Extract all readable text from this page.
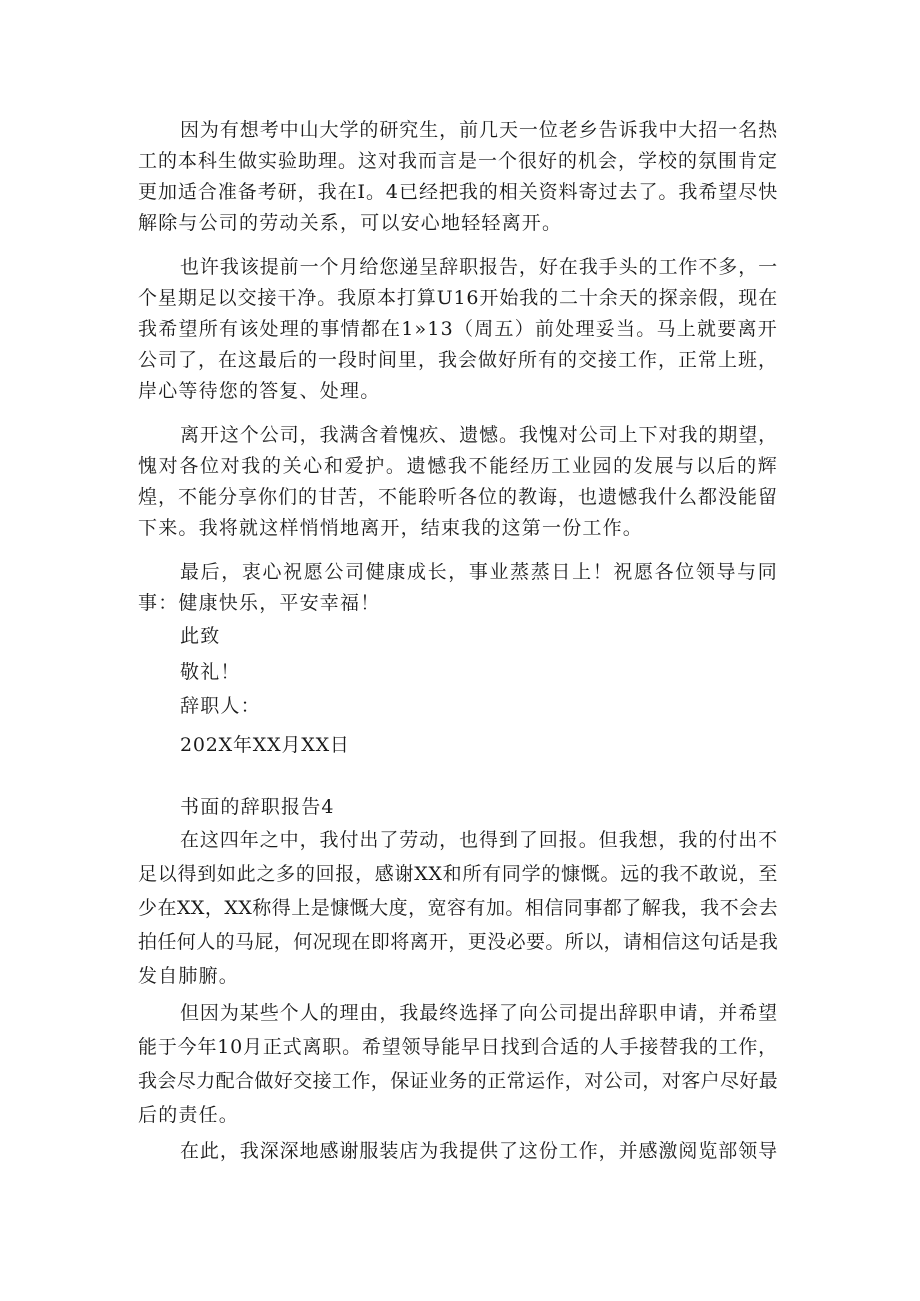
因为有想考中山大学的研究生，前几天一位老乡告诉我中大招一名热
工的本科生做实验助理。这对我而言是一个很好的机会，学校的氛围肯定
更加适合准备考研，我在I。4已经把我的相关资料寄过去了。我希望尽快
解除与公司的劳动关系，可以安心地轻轻离开。
也许我该提前一个月给您递呈辞职报告，好在我手头的工作不多，一
个星期足以交接干净。我原本打算U16开始我的二十余天的探亲假，现在
我希望所有该处理的事情都在1»13（周五）前处理妥当。马上就要离开
公司了，在这最后的一段时间里，我会做好所有的交接工作，正常上班，
岸心等待您的答复、处理。
离开这个公司，我满含着愧疚、遗憾。我愧对公司上下对我的期望，
愧对各位对我的关心和爱护。遗憾我不能经历工业园的发展与以后的辉
煌，不能分享你们的甘苦，不能聆听各位的教诲，也遗憾我什么都没能留
下来。我将就这样悄悄地离开，结束我的这第一份工作。
最后，衷心祝愿公司健康成长，事业蒸蒸日上！祝愿各位领导与同
事：健康快乐，平安幸福！
此致
敬礼！
辞职人：
202X年XX月XX日
书面的辞职报告4
在这四年之中，我付出了劳动，也得到了回报。但我想，我的付出不
足以得到如此之多的回报，感谢XX和所有同学的慷慨。远的我不敢说，至
少在XX，XX称得上是慷慨大度，宽容有加。相信同事都了解我，我不会去
拍任何人的马屁，何况现在即将离开，更没必要。所以，请相信这句话是我
发自肺腑。
但因为某些个人的理由，我最终选择了向公司提出辞职申请，并希望
能于今年10月正式离职。希望领导能早日找到合适的人手接替我的工作，
我会尽力配合做好交接工作，保证业务的正常运作，对公司，对客户尽好最
后的责任。
在此，我深深地感谢服装店为我提供了这份工作，并感激阅览部领导
